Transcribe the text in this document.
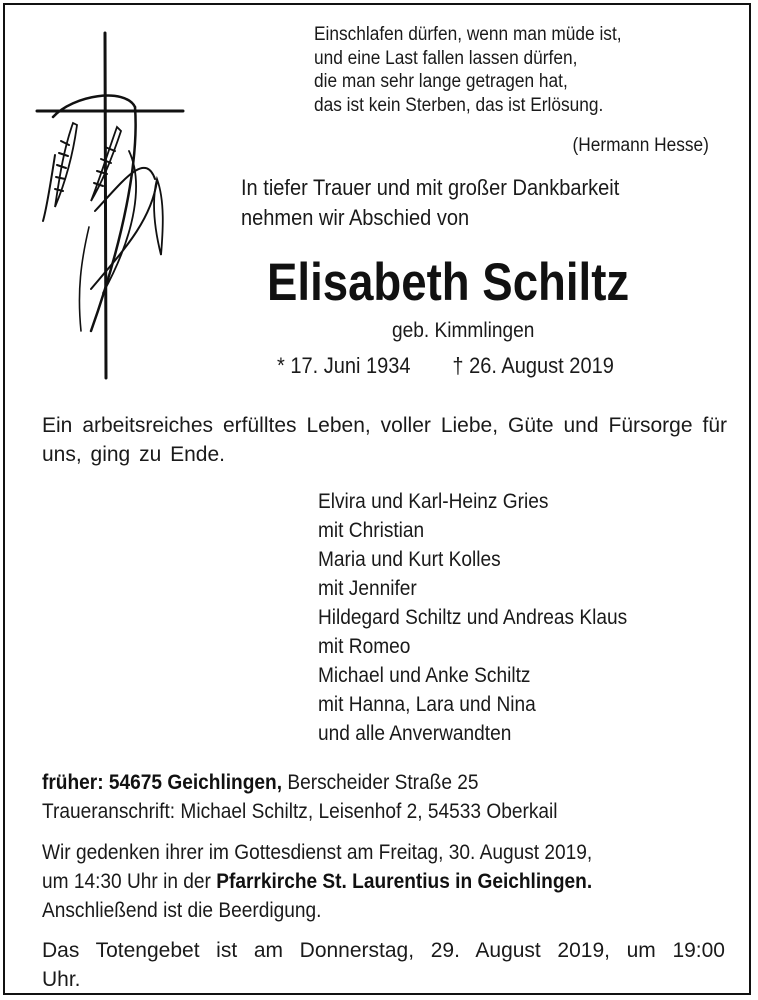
Einschlafen dürfen, wenn man müde ist,
und eine Last fallen lassen dürfen,
die man sehr lange getragen hat,
das ist kein Sterben, das ist Erlösung.

(Hermann Hesse)

In tiefer Trauer und mit großer Dankbarkeit
nehmen wir Abschied von

Elisabeth Schiltz

geb. Kimmlingen

* 17. Juni 1934 † 26. August 2019

Ein arbeitsreiches erfülltes Leben, voller Liebe, Güte und Fürsorge für uns, ging zu Ende.

Elvira und Karl-Heinz Gries
mit Christian
Maria und Kurt Kolles
mit Jennifer
Hildegard Schiltz und Andreas Klaus
mit Romeo
Michael und Anke Schiltz
mit Hanna, Lara und Nina
und alle Anverwandten

früher: 54675 Geichlingen, Berscheider Straße 25
Traueranschrift: Michael Schiltz, Leisenhof 2, 54533 Oberkail

Wir gedenken ihrer im Gottesdienst am Freitag, 30. August 2019,
um 14:30 Uhr in der Pfarrkirche St. Laurentius in Geichlingen.
Anschließend ist die Beerdigung.

Das Totengebet ist am Donnerstag, 29. August 2019, um 19:00 Uhr.
